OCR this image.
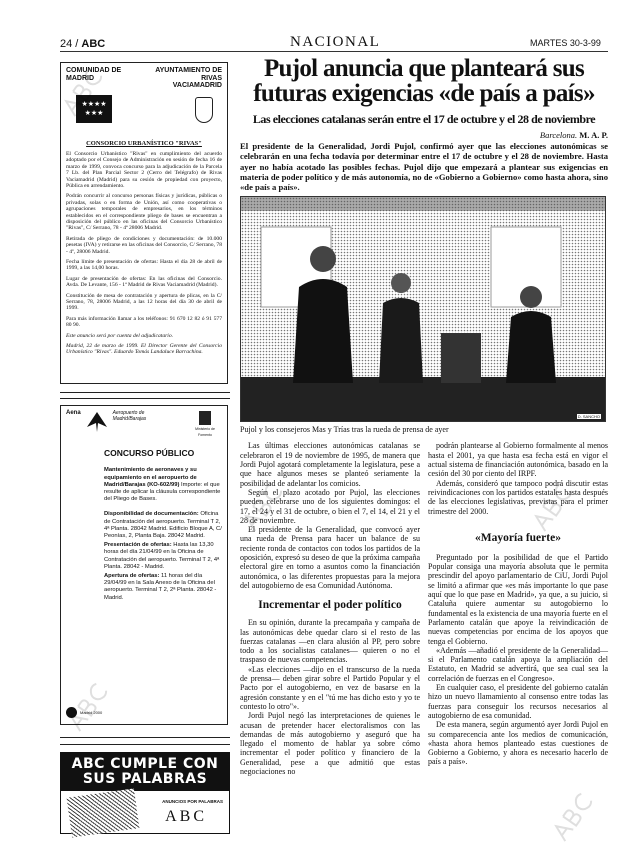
24 / ABC	NACIONAL	MARTES 30-3-99
COMUNIDAD DE MADRID
AYUNTAMIENTO DE RIVAS VACIAMADRID
★★★★
★★★
CONSORCIO URBANÍSTICO "RIVAS"

El Consorcio Urbanístico "Rivas" en cumplimiento del acuerdo adoptado por el Consejo de Administración en sesión de fecha 16 de marzo de 1999, convoca concurso para la adjudicación de la Parcela 7 Lb. del Plan Parcial Sector 2 (Cerro del Telégrafo) de Rivas Vaciamadrid (Madrid) para su cesión de propiedad con proyecto, Pública en arrendamiento.

Podrán concurrir al concurso personas físicas y jurídicas, públicas o privadas, solas o en forma de Unión, así como cooperativas o agrupaciones temporales de empresarios, en los términos establecidos en el correspondiente pliego de bases se encuentran a disposición del público en las oficinas del Consorcio Urbanístico "Rivas", C/ Serrano, 78 - 4ª 28006 Madrid.

Retirada de pliego de condiciones y documentación: de 10.000 pesetas (IVA) y retirarse en las oficinas del Consorcio, C/ Serrano, 78 - 4º, 28006 Madrid.

Fecha límite de presentación de ofertas: Hasta el día 28 de abril de 1999, a las 14,00 horas.

Lugar de presentación de ofertas: En las oficinas del Consorcio. Avda. De Levante, 156 - 1ª Madrid de Rivas Vaciamadrid (Madrid).

Constitución de mesa de contratación y apertura de plicas, en la C/ Serrano, 78, 28006 Madrid, a las 12 horas del día 30 de abril de 1999.

Para más información llamar a los teléfonos: 91 670 12 82 ó 91 577 80 90.

Este anuncio será por cuenta del adjudicatario.

Madrid, 22 de marzo de 1999. El Director Gerente del Consorcio Urbanístico "Rivas". Eduardo Tomás Landaluce Barrachina.

Aena	Aeropuerto de Madrid/Barajas
Ministerio de Fomento
CONCURSO PÚBLICO

Mantenimiento de aeronaves y su equipamiento en el aeropuerto de Madrid/Barajas (KO-602/99) Importe: el que resulte de aplicar la cláusula correspondiente del Pliego de Bases.

Disponibilidad de documentación: Oficina de Contratación del aeropuerto. Terminal T 2, 4ª Planta. 28042 Madrid. Edificio Bloque A, C/ Peonías, 2, Planta Baja. 28042 Madrid.

Presentación de ofertas: Hasta las 13,30 horas del día 21/04/99 en la Oficina de Contratación del aeropuerto. Terminal T 2, 4ª Planta. 28042 - Madrid.

Apertura de ofertas: 11 horas del día 29/04/99 en la Sala Anexo de la Oficina del aeropuerto. Terminal T 2, 2ª Planta. 28042 - Madrid.

Madrid 2000
ABC CUMPLE CON SUS PALABRAS
ANUNCIOS POR PALABRAS
ABC
Pujol anuncia que planteará sus futuras exigencias «de país a país»
Las elecciones catalanas serán entre el 17 de octubre y el 28 de noviembre
Barcelona. M. A. P.
El presidente de la Generalidad, Jordi Pujol, confirmó ayer que las elecciones autonómicas se celebrarán en una fecha todavía por determinar entre el 17 de octubre y el 28 de noviembre. Hasta ayer no había acotado las posibles fechas. Pujol dijo que empezará a plantear sus exigencias en materia de poder político y de más autonomía, no de «Gobierno a Gobierno» como hasta ahora, sino «de país a país».
D. SANCHO
Pujol y los consejeros Mas y Trías tras la rueda de prensa de ayer

Las últimas elecciones autonómicas catalanas se celebraron el 19 de noviembre de 1995, de manera que Jordi Pujol agotará completamente la legislatura, pese a que hace algunos meses se planteó seriamente la posibilidad de adelantar los comicios.

Según el plazo acotado por Pujol, las elecciones pueden celebrarse uno de los siguientes domingos: el 17, el 24 y el 31 de octubre, o bien el 7, el 14, el 21 y el 28 de noviembre.

El presidente de la Generalidad, que convocó ayer una rueda de Prensa para hacer un balance de su reciente ronda de contactos con todos los partidos de la oposición, expresó su deseo de que la próxima campaña electoral gire en torno a asuntos como la financiación autonómica, o las diferentes propuestas para la mejora del autogobierno de esa Comunidad Autónoma.

Incrementar el poder político

En su opinión, durante la precampaña y campaña de las autonómicas debe quedar claro si el resto de las fuerzas catalanas —en clara alusión al PP, pero sobre todo a los socialistas catalanes— quieren o no el traspaso de nuevas competencias.

«Las elecciones —dijo en el transcurso de la rueda de prensa— deben girar sobre el Partido Popular y el Pacto por el autogobierno, en vez de basarse en la agresión constante y en el "tú me has dicho esto y yo te contesto lo otro"».

Jordi Pujol negó las interpretaciones de quienes le acusan de pretender hacer electoralismos con las demandas de más autogobierno y aseguró que ha llegado el momento de hablar ya sobre cómo incrementar el poder político y financiero de la Generalidad, pese a que admitió que estas negociaciones no

podrán plantearse al Gobierno formalmente al menos hasta el 2001, ya que hasta esa fecha está en vigor el actual sistema de financiación autonómica, basado en la cesión del 30 por ciento del IRPF.

Además, consideró que tampoco podrá discutir estas reivindicaciones con los partidos estatales hasta después de las elecciones legislativas, previstas para el primer trimestre del 2000.

«Mayoría fuerte»

Preguntado por la posibilidad de que el Partido Popular consiga una mayoría absoluta que le permita prescindir del apoyo parlamentario de CiU, Jordi Pujol se limitó a afirmar que «es más importante lo que pase aquí que lo que pase en Madrid», ya que, a su juicio, si Cataluña quiere aumentar su autogobierno lo fundamental es la existencia de una mayoría fuerte en el Parlamento catalán que apoye la reivindicación de nuevas competencias por encima de los apoyos que tenga el Gobierno.

«Además —añadió el presidente de la Generalidad— si el Parlamento catalán apoya la ampliación del Estatuto, en Madrid se advertirá, que sea cual sea la correlación de fuerzas en el Congreso».

En cualquier caso, el presidente del gobierno catalán hizo un nuevo llamamiento al consenso entre todas las fuerzas para conseguir los recursos necesarios al autogobierno de esa comunidad.

De esta manera, según argumentó ayer Jordi Pujol en su comparecencia ante los medios de comunicación, «hasta ahora hemos planteado estas cuestiones de Gobierno a Gobierno, y ahora es necesario hacerlo de país a país».
